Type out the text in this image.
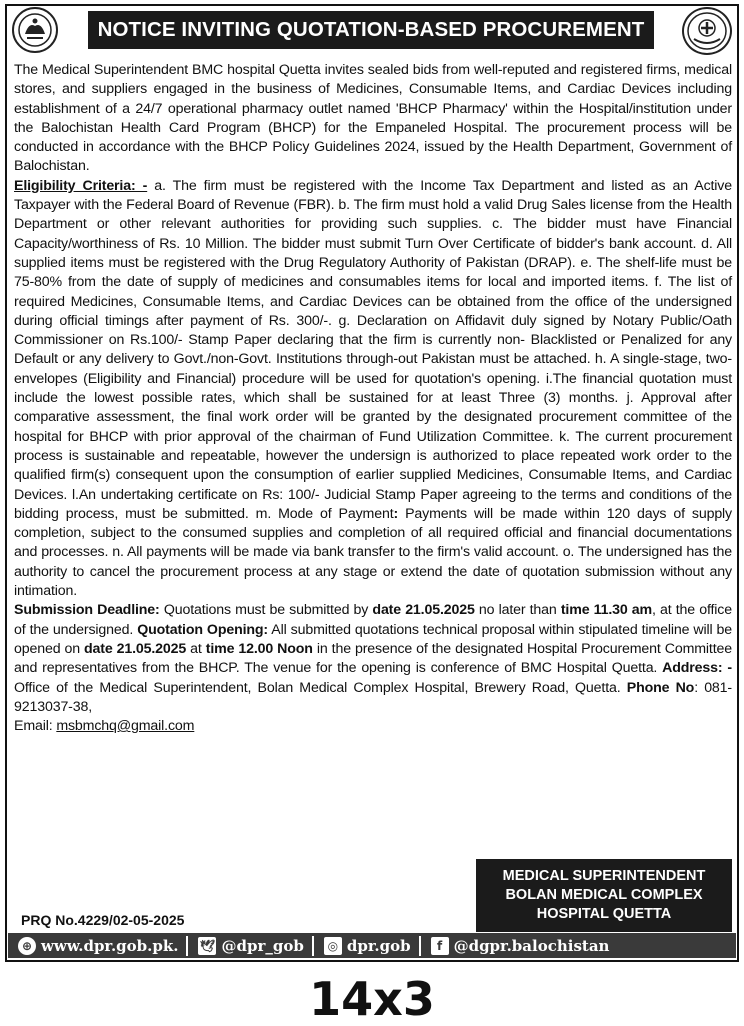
NOTICE INVITING QUOTATION-BASED PROCUREMENT

The Medical Superintendent BMC hospital Quetta invites sealed bids from well-reputed and registered firms, medical stores, and suppliers engaged in the business of Medicines, Consumable Items, and Cardiac Devices including establishment of a 24/7 operational pharmacy outlet named 'BHCP Pharmacy' within the Hospital/institution under the Balochistan Health Card Program (BHCP) for the Empaneled Hospital. The procurement process will be conducted in accordance with the BHCP Policy Guidelines 2024, issued by the Health Department, Government of Balochistan.

Eligibility Criteria: - a. The firm must be registered with the Income Tax Department and listed as an Active Taxpayer with the Federal Board of Revenue (FBR). b. The firm must hold a valid Drug Sales license from the Health Department or other relevant authorities for providing such supplies. c. The bidder must have Financial Capacity/worthiness of Rs. 10 Million. The bidder must submit Turn Over Certificate of bidder's bank account. d. All supplied items must be registered with the Drug Regulatory Authority of Pakistan (DRAP). e. The shelf-life must be 75-80% from the date of supply of medicines and consumables items for local and imported items. f. The list of required Medicines, Consumable Items, and Cardiac Devices can be obtained from the office of the undersigned during official timings after payment of Rs. 300/-. g. Declaration on Affidavit duly signed by Notary Public/Oath Commissioner on Rs.100/- Stamp Paper declaring that the firm is currently non- Blacklisted or Penalized for any Default or any delivery to Govt./non-Govt. Institutions through-out Pakistan must be attached. h. A single-stage, two-envelopes (Eligibility and Financial) procedure will be used for quotation's opening. i.The financial quotation must include the lowest possible rates, which shall be sustained for at least Three (3) months. j. Approval after comparative assessment, the final work order will be granted by the designated procurement committee of the hospital for BHCP with prior approval of the chairman of Fund Utilization Committee. k. The current procurement process is sustainable and repeatable, however the undersign is authorized to place repeated work order to the qualified firm(s) consequent upon the consumption of earlier supplied Medicines, Consumable Items, and Cardiac Devices. l.An undertaking certificate on Rs: 100/- Judicial Stamp Paper agreeing to the terms and conditions of the bidding process, must be submitted. m. Mode of Payment: Payments will be made within 120 days of supply completion, subject to the consumed supplies and completion of all required official and financial documentations and processes. n. All payments will be made via bank transfer to the firm's valid account. o. The undersigned has the authority to cancel the procurement process at any stage or extend the date of quotation submission without any intimation.
Submission Deadline: Quotations must be submitted by date 21.05.2025 no later than time 11.30 am, at the office of the undersigned. Quotation Opening: All submitted quotations technical proposal within stipulated timeline will be opened on date 21.05.2025 at time 12.00 Noon in the presence of the designated Hospital Procurement Committee and representatives from the BHCP. The venue for the opening is conference of BMC Hospital Quetta. Address: - Office of the Medical Superintendent, Bolan Medical Complex Hospital, Brewery Road, Quetta. Phone No: 081-9213037-38,
Email: msbmchq@gmail.com

MEDICAL SUPERINTENDENT
BOLAN MEDICAL COMPLEX
HOSPITAL QUETTA
PRQ No.4229/02-05-2025
⊕ www.dpr.gob.pk. 🕊 @dpr_gob	◎ dpr.gob	f @dgpr.balochistan
14x3
